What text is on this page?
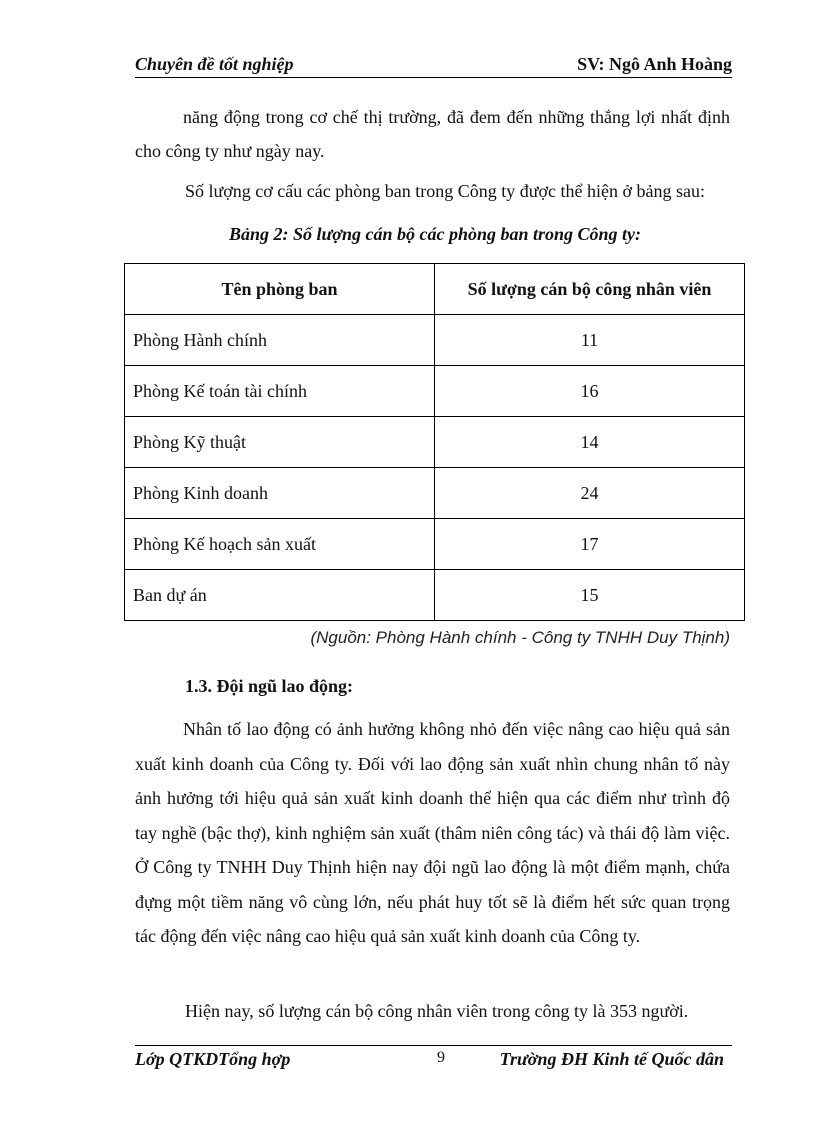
Chuyên đề tốt nghiệp	SV: Ngô Anh Hoàng
năng động trong cơ chế thị trường, đã đem đến những thắng lợi nhất định cho công ty như ngày nay.
Số lượng cơ cấu các phòng ban trong Công ty được thể hiện ở bảng sau:
Bảng 2: Số lượng cán bộ các phòng ban trong Công ty:
Tên phòng ban	Số lượng cán bộ công nhân viên
Phòng Hành chính	11
Phòng Kế toán tài chính	16
Phòng Kỹ thuật	14
Phòng Kinh doanh	24
Phòng Kế hoạch sản xuất	17
Ban dự án	15
(Nguồn: Phòng Hành chính - Công ty TNHH Duy Thịnh)
1.3. Đội ngũ lao động:
Nhân tố lao động có ảnh hưởng không nhỏ đến việc nâng cao hiệu quả sản xuất kinh doanh của Công ty. Đối với lao động sản xuất nhìn chung nhân tố này ảnh hưởng tới hiệu quả sản xuất kinh doanh thể hiện qua các điểm như trình độ tay nghề (bậc thợ), kinh nghiệm sản xuất (thâm niên công tác) và thái độ làm việc. Ở Công ty TNHH Duy Thịnh hiện nay đội ngũ lao động là một điểm mạnh, chứa đựng một tiềm năng vô cùng lớn, nếu phát huy tốt sẽ là điểm hết sức quan trọng tác động đến việc nâng cao hiệu quả sản xuất kinh doanh của Công ty.
Hiện nay, số lượng cán bộ công nhân viên trong công ty là 353 người.
Lớp QTKDTổng hợp	9	Trường ĐH Kinh tế Quốc dân
